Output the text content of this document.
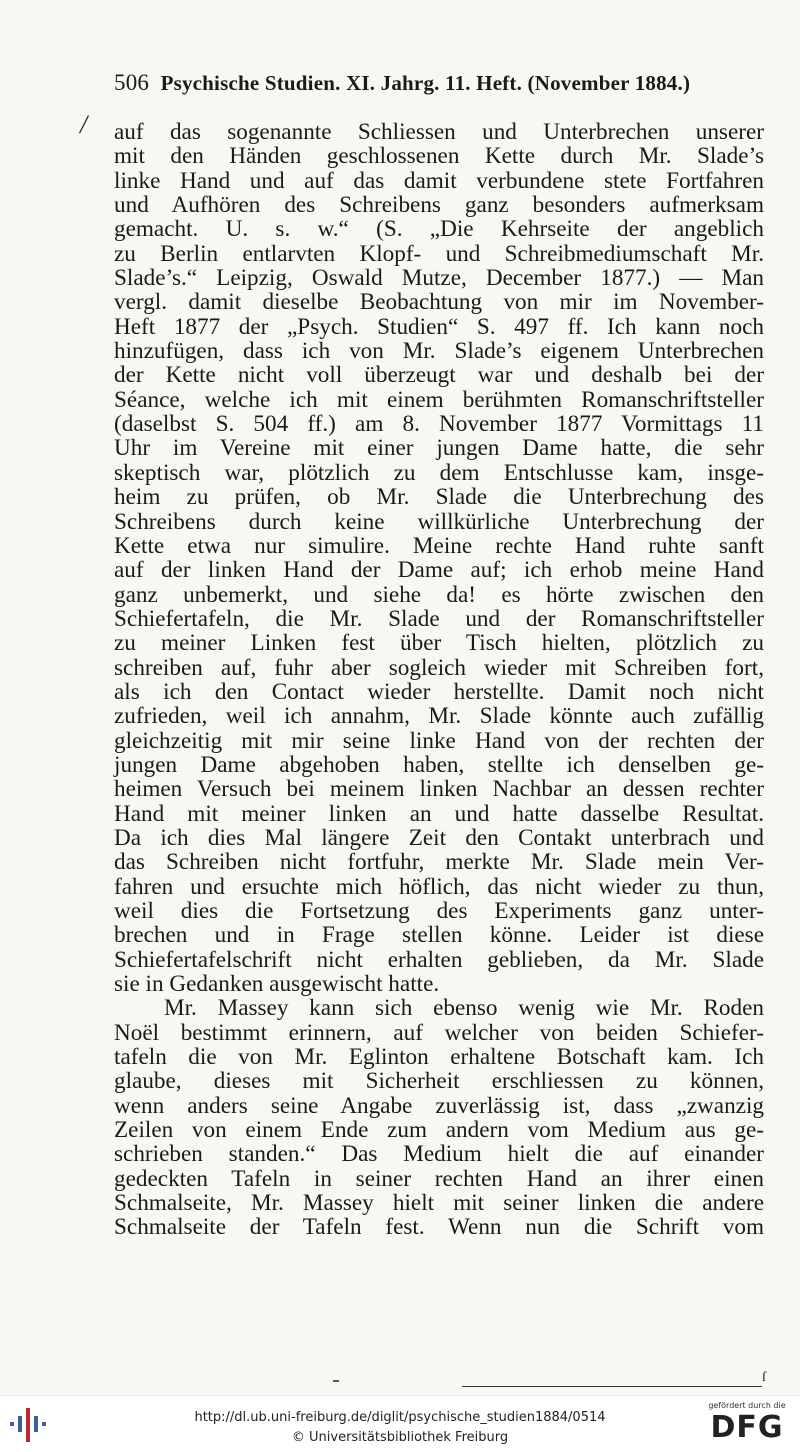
506 Psychische Studien. XI. Jahrg. 11. Heft. (November 1884.)
/ auf das sogenannte Schliessen und Unterbrechen unserer
mit den Händen geschlossenen Kette durch Mr. Slade’s
linke Hand und auf das damit verbundene stete Fortfahren
und Aufhören des Schreibens ganz besonders aufmerksam
gemacht. U. s. w.“ (S. „Die Kehrseite der angeblich
zu Berlin entlarvten Klopf- und Schreibmediumschaft Mr.
Slade’s.“ Leipzig, Oswald Mutze, December 1877.) — Man
vergl. damit dieselbe Beobachtung von mir im November-
Heft 1877 der „Psych. Studien“ S. 497 ff. Ich kann noch
hinzufügen, dass ich von Mr. Slade’s eigenem Unterbrechen
der Kette nicht voll überzeugt war und deshalb bei der
Séance, welche ich mit einem berühmten Romanschriftsteller
(daselbst S. 504 ff.) am 8. November 1877 Vormittags 11
Uhr im Vereine mit einer jungen Dame hatte, die sehr
skeptisch war, plötzlich zu dem Entschlusse kam, insge-
heim zu prüfen, ob Mr. Slade die Unterbrechung des
Schreibens durch keine willkürliche Unterbrechung der
Kette etwa nur simulire. Meine rechte Hand ruhte sanft
auf der linken Hand der Dame auf; ich erhob meine Hand
ganz unbemerkt, und siehe da! es hörte zwischen den
Schiefertafeln, die Mr. Slade und der Romanschriftsteller
zu meiner Linken fest über Tisch hielten, plötzlich zu
schreiben auf, fuhr aber sogleich wieder mit Schreiben fort,
als ich den Contact wieder herstellte. Damit noch nicht
zufrieden, weil ich annahm, Mr. Slade könnte auch zufällig
gleichzeitig mit mir seine linke Hand von der rechten der
jungen Dame abgehoben haben, stellte ich denselben ge-
heimen Versuch bei meinem linken Nachbar an dessen rechter
Hand mit meiner linken an und hatte dasselbe Resultat.
Da ich dies Mal längere Zeit den Contakt unterbrach und
das Schreiben nicht fortfuhr, merkte Mr. Slade mein Ver-
fahren und ersuchte mich höflich, das nicht wieder zu thun,
weil dies die Fortsetzung des Experiments ganz unter-
brechen und in Frage stellen könne. Leider ist diese
Schiefertafelschrift nicht erhalten geblieben, da Mr. Slade
sie in Gedanken ausgewischt hatte.
Mr. Massey kann sich ebenso wenig wie Mr. Roden
Noël bestimmt erinnern, auf welcher von beiden Schiefer-
tafeln die von Mr. Eglinton erhaltene Botschaft kam. Ich
glaube, dieses mit Sicherheit erschliessen zu können,
wenn anders seine Angabe zuverlässig ist, dass „zwanzig
Zeilen von einem Ende zum andern vom Medium aus ge-
schrieben standen.“ Das Medium hielt die auf einander
gedeckten Tafeln in seiner rechten Hand an ihrer einen
Schmalseite, Mr. Massey hielt mit seiner linken die andere
Schmalseite der Tafeln fest. Wenn nun die Schrift vom
ſ
http://dl.ub.uni-freiburg.de/diglit/psychische_studien1884/0514
© Universitätsbibliothek Freiburg
gefördert durch die
DFG
